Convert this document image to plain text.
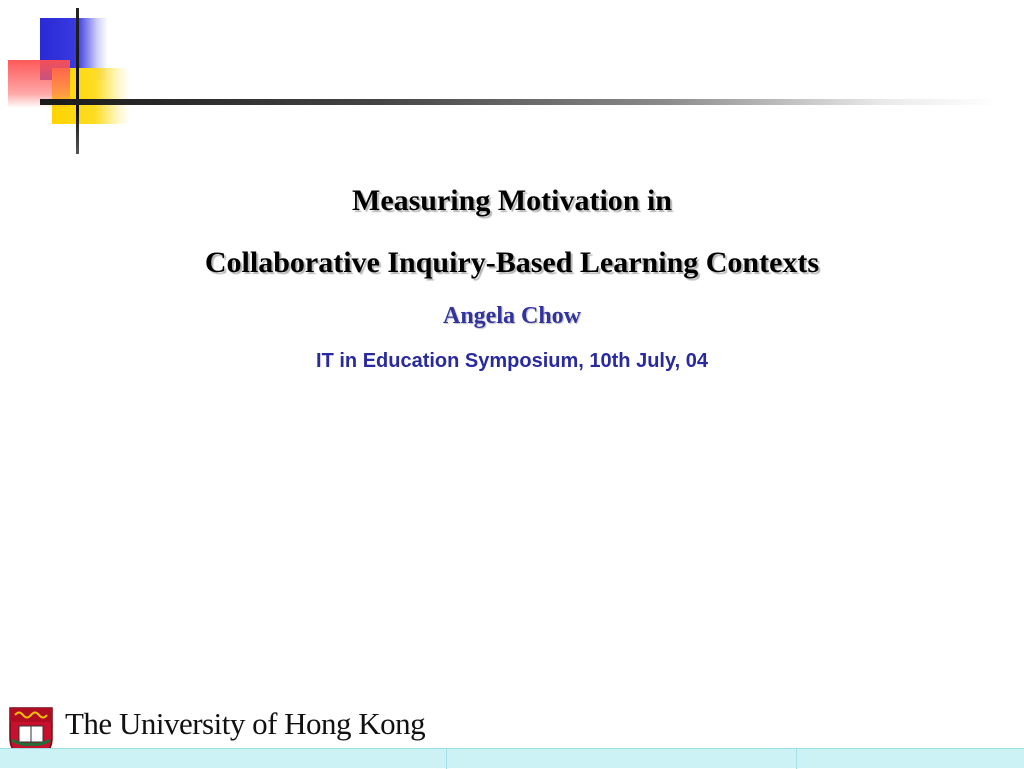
Measuring Motivation in
Collaborative Inquiry-Based Learning Contexts
Angela Chow
IT in Education Symposium, 10th July, 04
The University of Hong Kong
